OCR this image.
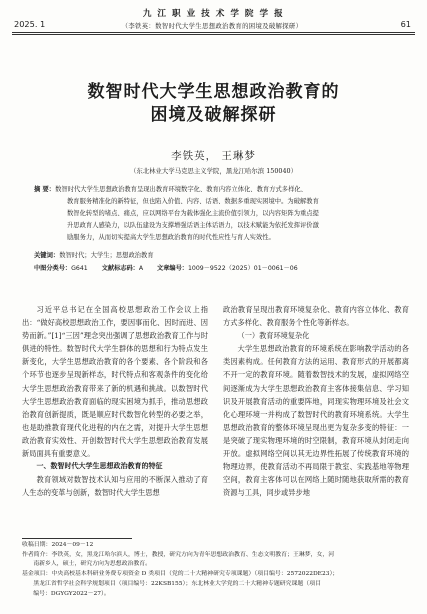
九 江 职 业 技 术 学 院 学 报
2025. 1	（李铁英：数智时代大学生思想政治教育的困境及破解探研）	61
数智时代大学生思想政治教育的
困境及破解探研
李铁英， 王琳梦
（东北林业大学马克思主义学院，黑龙江哈尔滨 150040）
摘 要：数智时代大学生思想政治教育呈现出教育环境数字化、教育内容立体化、教育方式多样化、
教育服务精准化的新特征，但也陷入价值、内容、话语、数据多重现实困境中。为破解教育
数智化转型的堵点、痛点，应以网络平台为载体强化主流价值引领力，以内容矩阵为重点提
升思政育人感染力，以队伍建设为支撑增强话语主体话语力，以技术赋能为依托发挥评价激
励服务力，从而切实提高大学生思想政治教育的时代性应性与育人实效性。
关键词：数智时代；大学生；思想政治教育
中图分类号：G641 文献标志码：A 文章编号：1009－9522（2025）01－0061－06

习近平总书记在全国高校思想政治工作会议上指出：“做好高校思想政治工作，要因事而化、因时而进、因势而新。”[1]“三因”理念突出强调了思想政治教育工作与时俱进的特性。数智时代大学生群体的思想和行为特点发生新变化，大学生思想政治教育的各个要素、各个阶段和各个环节也逐步呈现新样态，时代特点和客观条件的变化给大学生思想政治教育带来了新的机遇和挑战。以数智时代大学生思想政治教育面临的现实困境为抓手，推动思想政治教育创新提质，既是顺应时代数智化转型的必要之举，也是助推教育现代化进程的内在之需，对提升大学生思想政治教育实效性、开创数智时代大学生思想政治教育发展新局面具有重要意义。

一、数智时代大学生思想政治教育的特征

教育领域对数智技术认知与应用的不断深入推动了育人生态的变革与创新，数智时代大学生思想

政治教育呈现出教育环境复杂化、教育内容立体化、教育方式多样化、教育服务个性化等新样态。

（一）教育环境复杂化

大学生思想政治教育的环境系统在影响教学活动的各类因素构成。任何教育方法的运用、教育形式的开展都离不开一定的教育环境。随着数智技术的发展，虚拟网络空间逐渐成为大学生思想政治教育主客体接集信息、学习知识及开展教育活动的重要阵地，同现实物理环境及社会文化心理环境一并构成了数智时代的教育环境系统。大学生思想政治教育的整体环境呈现出更为复杂多变的特征：一是突破了现实物理环境的时空限制，教育环境从封闭走向开放。虚拟网络空间以其无边界性拓展了传统教育环境的物理边界，使教育活动不再局限于教室、实践基地等物理空间，教育主客体可以在网络上随时随地获取所需的教育资源与工具，同步或异步地

收稿日期：2024－09－12
作者简介：李铁英，女，黑龙江哈尔滨人，博士，教授，研究方向为青年思想政治教育、生态文明教育；王琳梦，女，河
南新乡人，硕士，研究方向为思想政治教育。
基金项目：中央高校基本科研业务费专项资金 D 类项目（党的二十大精神研究专项课题）（项目编号：2572022DE23）；
黑龙江省哲学社会科学规划项目（项目编号：22KSB155）；东北林业大学党的二十大精神专题研究课题（项目
编号：DGYGY2022－27）。
